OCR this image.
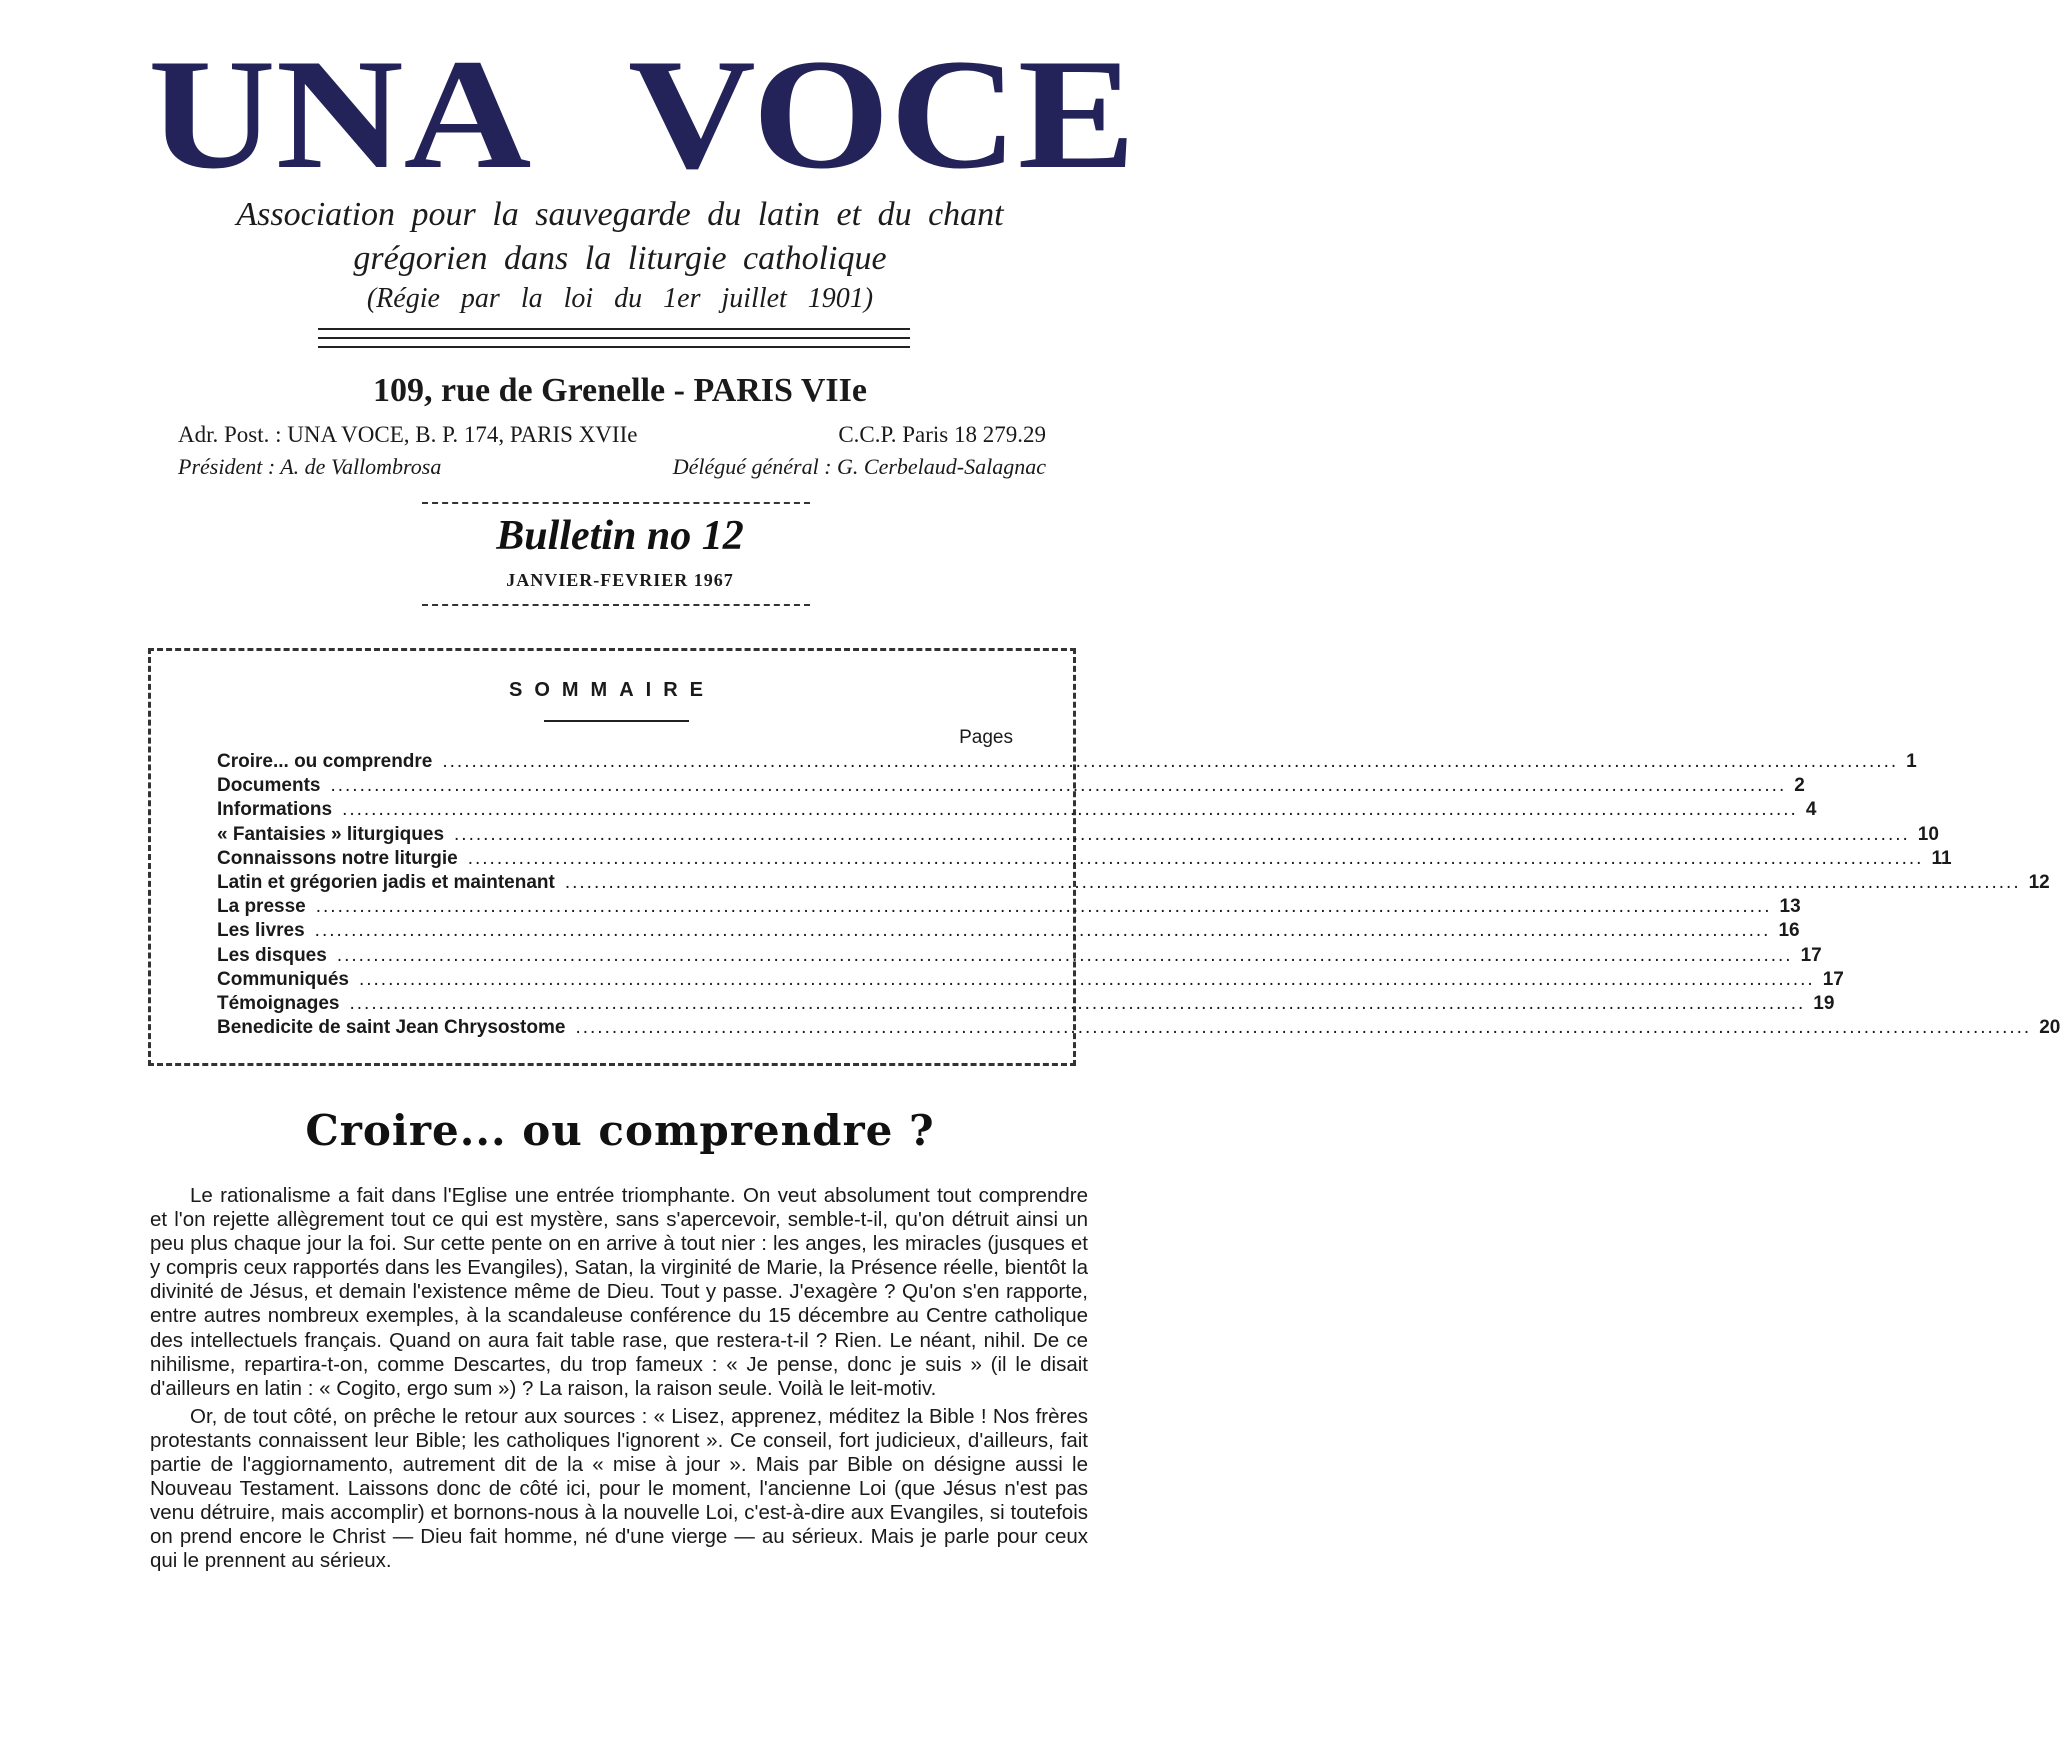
UNA VOCE
Association pour la sauvegarde du latin et du chant
grégorien dans la liturgie catholique
(Régie par la loi du 1er juillet 1901)
109, rue de Grenelle - PARIS VIIe
Adr. Post. : UNA VOCE, B. P. 174, PARIS XVIIe	C.C.P. Paris 18 279.29
Président : A. de Vallombrosa	Délégué général : G. Cerbelaud-Salagnac
Bulletin no 12
JANVIER-FEVRIER 1967
SOMMAIRE
Pages
Croire... ou comprendre ........................................................................................................................................................................................................ 1
Documents ........................................................................................................................................................................................................ 2
Informations ........................................................................................................................................................................................................ 4
« Fantaisies » liturgiques ........................................................................................................................................................................................................ 10
Connaissons notre liturgie ........................................................................................................................................................................................................ 11
Latin et grégorien jadis et maintenant ........................................................................................................................................................................................................ 12
La presse ........................................................................................................................................................................................................ 13
Les livres ........................................................................................................................................................................................................ 16
Les disques ........................................................................................................................................................................................................ 17
Communiqués ........................................................................................................................................................................................................ 17
Témoignages ........................................................................................................................................................................................................ 19
Benedicite de saint Jean Chrysostome ........................................................................................................................................................................................................ 20
Croire... ou comprendre ?

Le rationalisme a fait dans l'Eglise une entrée triomphante. On veut absolument tout comprendre et l'on rejette allègrement tout ce qui est mystère, sans s'apercevoir, semble-t-il, qu'on détruit ainsi un peu plus chaque jour la foi. Sur cette pente on en arrive à tout nier : les anges, les miracles (jusques et y compris ceux rapportés dans les Evangiles), Satan, la virginité de Marie, la Présence réelle, bientôt la divinité de Jésus, et demain l'existence même de Dieu. Tout y passe. J'exagère ? Qu'on s'en rapporte, entre autres nombreux exemples, à la scandaleuse conférence du 15 décembre au Centre catholique des intellectuels français. Quand on aura fait table rase, que restera-t-il ? Rien. Le néant, nihil. De ce nihilisme, repartira-t-on, comme Descartes, du trop fameux : « Je pense, donc je suis » (il le disait d'ailleurs en latin : « Cogito, ergo sum ») ? La raison, la raison seule. Voilà le leit-motiv.

Or, de tout côté, on prêche le retour aux sources : « Lisez, apprenez, méditez la Bible ! Nos frères protestants connaissent leur Bible; les catholiques l'ignorent ». Ce conseil, fort judicieux, d'ailleurs, fait partie de l'aggiornamento, autrement dit de la « mise à jour ». Mais par Bible on désigne aussi le Nouveau Testament. Laissons donc de côté ici, pour le moment, l'ancienne Loi (que Jésus n'est pas venu détruire, mais accomplir) et bornons-nous à la nouvelle Loi, c'est-à-dire aux Evangiles, si toutefois on prend encore le Christ — Dieu fait homme, né d'une vierge — au sérieux. Mais je parle pour ceux qui le prennent au sérieux.
